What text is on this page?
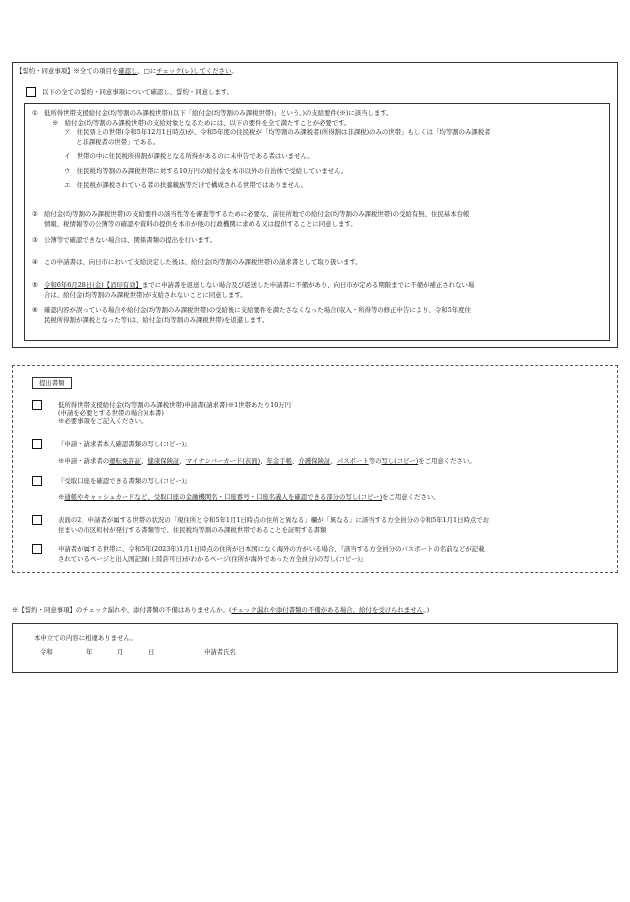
【誓約・同意事項】※全ての項目を確認し、□にチェック(レ)してください。
以下の全ての誓約・同意事項について確認し、誓約・同意します。
① 低所得世帯支援給付金(均等割のみ課税世帯)(以下「給付金(均等割のみ課税世帯)」という。)の支給要件(※)に該当します。
※　給付金(均等割のみ課税世帯)の支給対象となるためには、以下の要件を全て満たすことが必要です。
ア　住民票上の世帯(令和5年12月1日時点)が、令和5年度の住民税が「均等割のみ課税者(所得割は非課税)のみの世帯」もしくは「均等割のみ課税者
と非課税者の世帯」である。
イ　世帯の中に住民税所得割が課税となる所得があるのに未申告である者はいません。
ウ　住民税均等割のみ課税世帯に対する10万円の給付金を本市以外の自治体で受給していません。
エ　住民税が課税されている者の扶養親族等だけで構成される世帯ではありません。
② 給付金(均等割のみ課税世帯)の支給要件の該当性等を審査等するために必要な、前住所地での給付金(均等割のみ課税世帯)の受給有無、住民基本台帳
情報、税情報等の公簿等の確認や資料の提供を本市が他の行政機関に求める又は提供することに同意します。
③ 公簿等で確認できない場合は、関係書類の提出を行います。
④ この申請書は、向日市において支給決定した後は、給付金(均等割のみ課税世帯)の請求書として取り扱います。
⑤ 令和6年6月28日(金)【消印有効】までに申請書を返送しない場合及び返送した申請書に不備があり、向日市が定める期限までに不備が補正されない場
合は、給付金(均等割のみ課税世帯)が支給されないことに同意します。
⑥ 確認内容が誤っている場合や給付金(均等割のみ課税世帯)の受給後に支給要件を満たさなくなった場合(収入・所得等の修正申告により、令和5年度住
民税所得割が課税となった等)は、給付金(均等割のみ課税世帯)を返還します。
提出書類
低所得世帯支援給付金(均等割のみ課税世帯)申請書(請求書)※1世帯あたり10万円
(申請を必要とする世帯の場合)(本書)
※必要事項をご記入ください。
『申請・請求者本人確認書類の写し(コピー)』
※申請・請求者の運転免許証、健康保険証、マイナンバーカード(表面)、年金手帳、介護保険証、パスポート等の写し(コピー)をご用意ください。
『受取口座を確認できる書類の写し(コピー)』
※通帳やキャッシュカードなど、受取口座の金融機関名・口座番号・口座名義人を確認できる部分の写し(コピー)をご用意ください。
表面の2．申請者が属する世帯の状況の「現住所と令和5年1月1日時点の住所と異なる」欄が「異なる」に該当する方全員分の令和5年1月1日時点でお
住まいの市区町村が発行する書類等で、住民税均等割のみ課税世帯であることを証明する書類
申請者が属する世帯に、令和5年(2023年)1月1日時点の住所が日本国になく海外の方がいる場合、『該当する方全員分のパスポートの名前などが記載
されているページと出入国記録(上陸許可日)がわかるページ(住所が海外であった方全員分)の写し(コピー)』
※【誓約・同意事項】のチェック漏れや、添付書類の不備はありませんか。(チェック漏れや添付書類の不備がある場合、給付を受けられません。)
本申立ての内容に相違ありません。
令和	年	月	日	申請者氏名
